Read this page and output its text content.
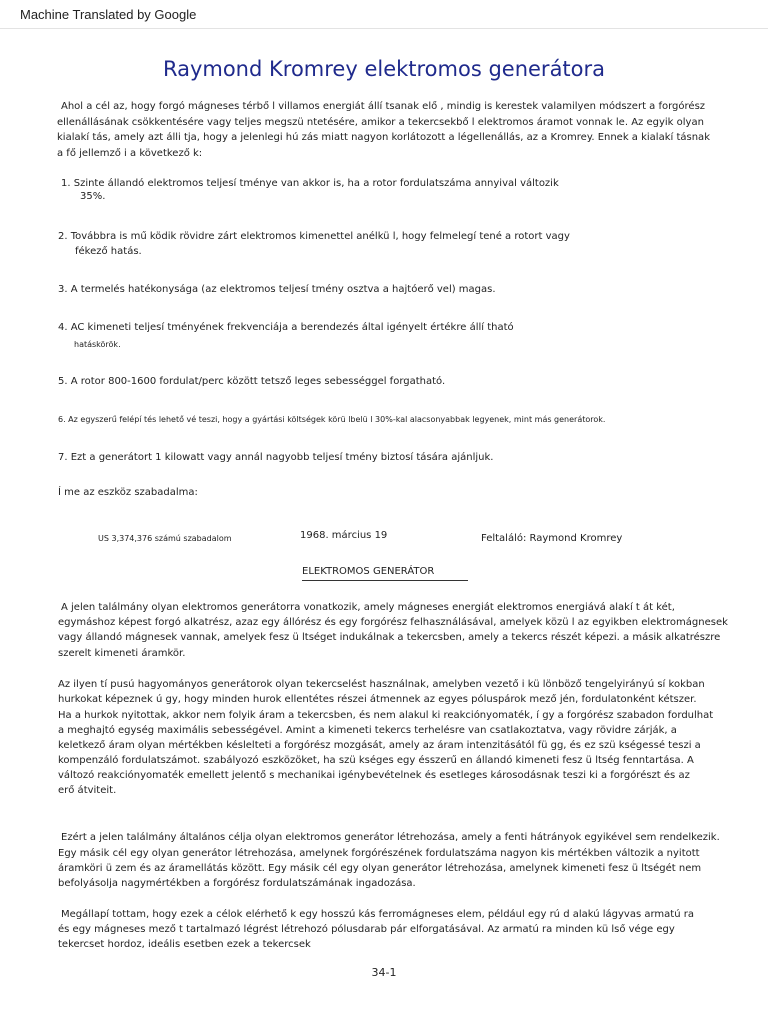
Machine Translated by Google
Raymond Kromrey elektromos generátora
Ahol a cél az, hogy forgó mágneses térbő l villamos energiát állí tsanak elő , mindig is kerestek valamilyen módszert a forgórész
ellenállásának csökkentésére vagy teljes megszü ntetésére, amikor a tekercsekbő l elektromos áramot vonnak le. Az egyik olyan
kialakí tás, amely azt álli tja, hogy a jelenlegi hú zás miatt nagyon korlátozott a légellenállás, az a Kromrey. Ennek a kialakí tásnak
a fő jellemző i a következő k:
1. Szinte állandó elektromos teljesí tménye van akkor is, ha a rotor fordulatszáma annyival változik
35%.
2. Továbbra is mű ködik rövidre zárt elektromos kimenettel anélkü l, hogy felmelegí tené a rotort vagy
fékező hatás.
3. A termelés hatékonysága (az elektromos teljesí tmény osztva a hajtóerő vel) magas.
4. AC kimeneti teljesí tményének frekvenciája a berendezés által igényelt értékre állí tható
hatáskörök.
5. A rotor 800-1600 fordulat/perc között tetsző leges sebességgel forgatható.
6. Az egyszerű felépí tés lehető vé teszi, hogy a gyártási költségek körü lbelü l 30%-kal alacsonyabbak legyenek, mint más generátorok.
7. Ezt a generátort 1 kilowatt vagy annál nagyobb teljesí tmény biztosí tására ajánljuk.
Í me az eszköz szabadalma:
US 3,374,376 számú szabadalom	1968. március 19	Feltaláló: Raymond Kromrey
ELEKTROMOS GENERÁTOR
A jelen találmány olyan elektromos generátorra vonatkozik, amely mágneses energiát elektromos energiává alakí t át két,
egymáshoz képest forgó alkatrész, azaz egy állórész és egy forgórész felhasználásával, amelyek közü l az egyikben elektromágnesek
vagy állandó mágnesek vannak, amelyek fesz ü ltséget indukálnak a tekercsben, amely a tekercs részét képezi. a másik alkatrészre
szerelt kimeneti áramkör.
Az ilyen tí pusú hagyományos generátorok olyan tekercselést használnak, amelyben vezető i kü lönböző tengelyirányú sí kokban
hurkokat képeznek ú gy, hogy minden hurok ellentétes részei átmennek az egyes póluspárok mező jén, fordulatonként kétszer.
Ha a hurkok nyitottak, akkor nem folyik áram a tekercsben, és nem alakul ki reakciónyomaték, í gy a forgórész szabadon fordulhat
a meghajtó egység maximális sebességével. Amint a kimeneti tekercs terhelésre van csatlakoztatva, vagy rövidre zárják, a
keletkező áram olyan mértékben késlelteti a forgórész mozgását, amely az áram intenzitásától fü gg, és ez szü kségessé teszi a
kompenzáló fordulatszámot. szabályozó eszközöket, ha szü kséges egy ésszerű en állandó kimeneti fesz ü ltség fenntartása. A
változó reakciónyomaték emellett jelentő s mechanikai igénybevételnek és esetleges károsodásnak teszi ki a forgórészt és az
erő átviteit.
Ezért a jelen találmány általános célja olyan elektromos generátor létrehozása, amely a fenti hátrányok egyikével sem rendelkezik.
Egy másik cél egy olyan generátor létrehozása, amelynek forgórészének fordulatszáma nagyon kis mértékben változik a nyitott
áramköri ü zem és az áramellátás között. Egy másik cél egy olyan generátor létrehozása, amelynek kimeneti fesz ü ltségét nem
befolyásolja nagymértékben a forgórész fordulatszámának ingadozása.
Megállapí tottam, hogy ezek a célok elérhető k egy hosszú kás ferromágneses elem, például egy rú d alakú lágyvas armatú ra
és egy mágneses mező t tartalmazó légrést létrehozó pólusdarab pár elforgatásával. Az armatú ra minden kü lső vége egy
tekercset hordoz, ideális esetben ezek a tekercsek
34-1
